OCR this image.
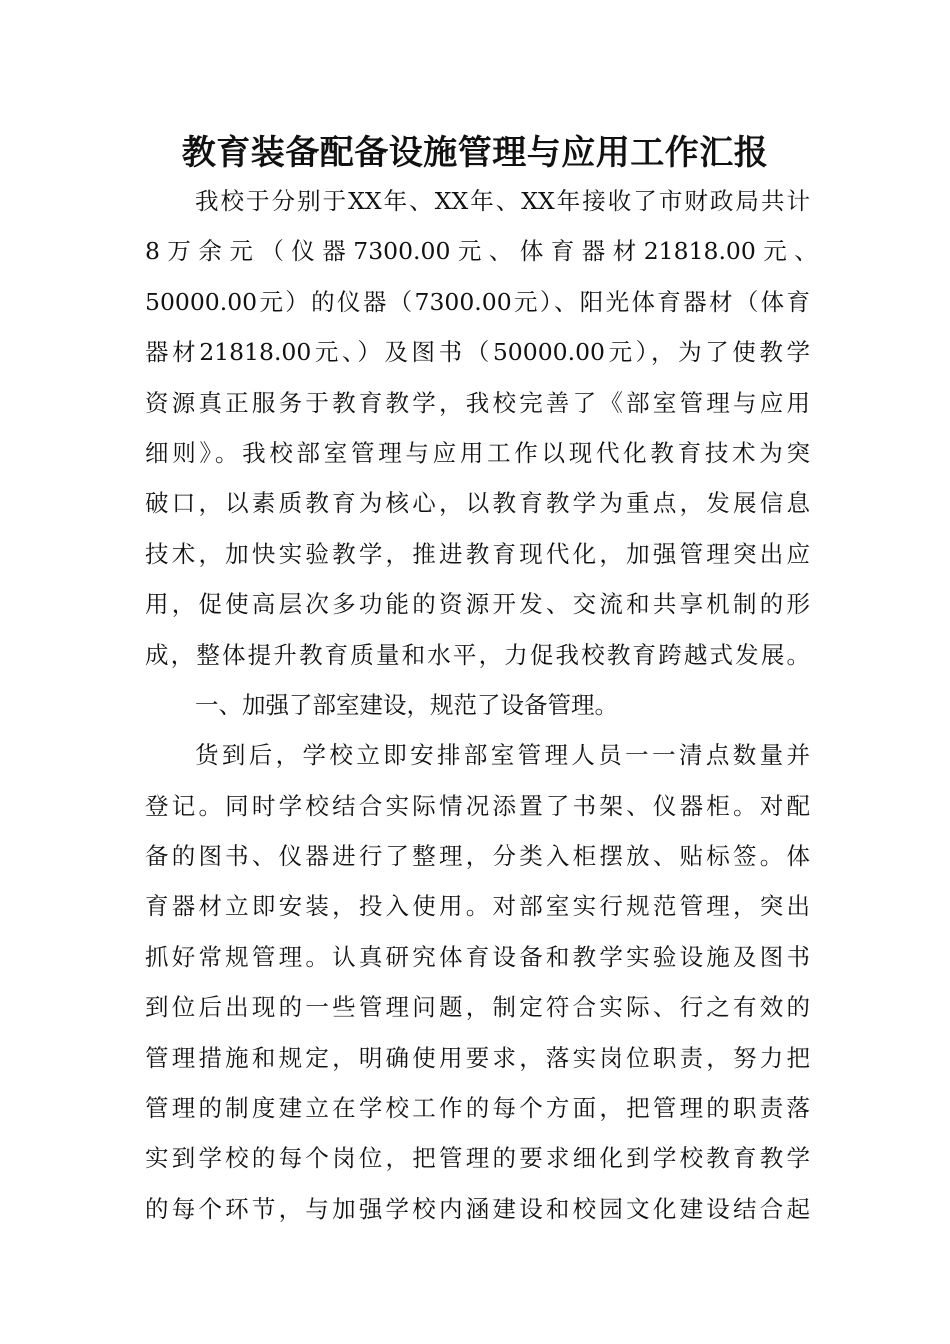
教育装备配备设施管理与应用工作汇报
我校于分别于XX年、XX年、XX年接收了市财政局共计
8 万 余 元 （ 仪 器 7300.00 元 、 体 育 器 材 21818.00 元 、
50000.00元）的仪器（7300.00元）、阳光体育器材（体育
器材21818.00元、）及图书（50000.00元），为了使教学
资源真正服务于教育教学，我校完善了《部室管理与应用
细则》。我校部室管理与应用工作以现代化教育技术为突
破口，以素质教育为核心，以教育教学为重点，发展信息
技术，加快实验教学，推进教育现代化，加强管理突出应
用，促使高层次多功能的资源开发、交流和共享机制的形
成，整体提升教育质量和水平，力促我校教育跨越式发展。
一、加强了部室建设，规范了设备管理。
货到后，学校立即安排部室管理人员一一清点数量并
登记。同时学校结合实际情况添置了书架、仪器柜。对配
备的图书、仪器进行了整理，分类入柜摆放、贴标签。体
育器材立即安装，投入使用。对部室实行规范管理，突出
抓好常规管理。认真研究体育设备和教学实验设施及图书
到位后出现的一些管理问题，制定符合实际、行之有效的
管理措施和规定，明确使用要求，落实岗位职责，努力把
管理的制度建立在学校工作的每个方面，把管理的职责落
实到学校的每个岗位，把管理的要求细化到学校教育教学
的每个环节，与加强学校内涵建设和校园文化建设结合起
